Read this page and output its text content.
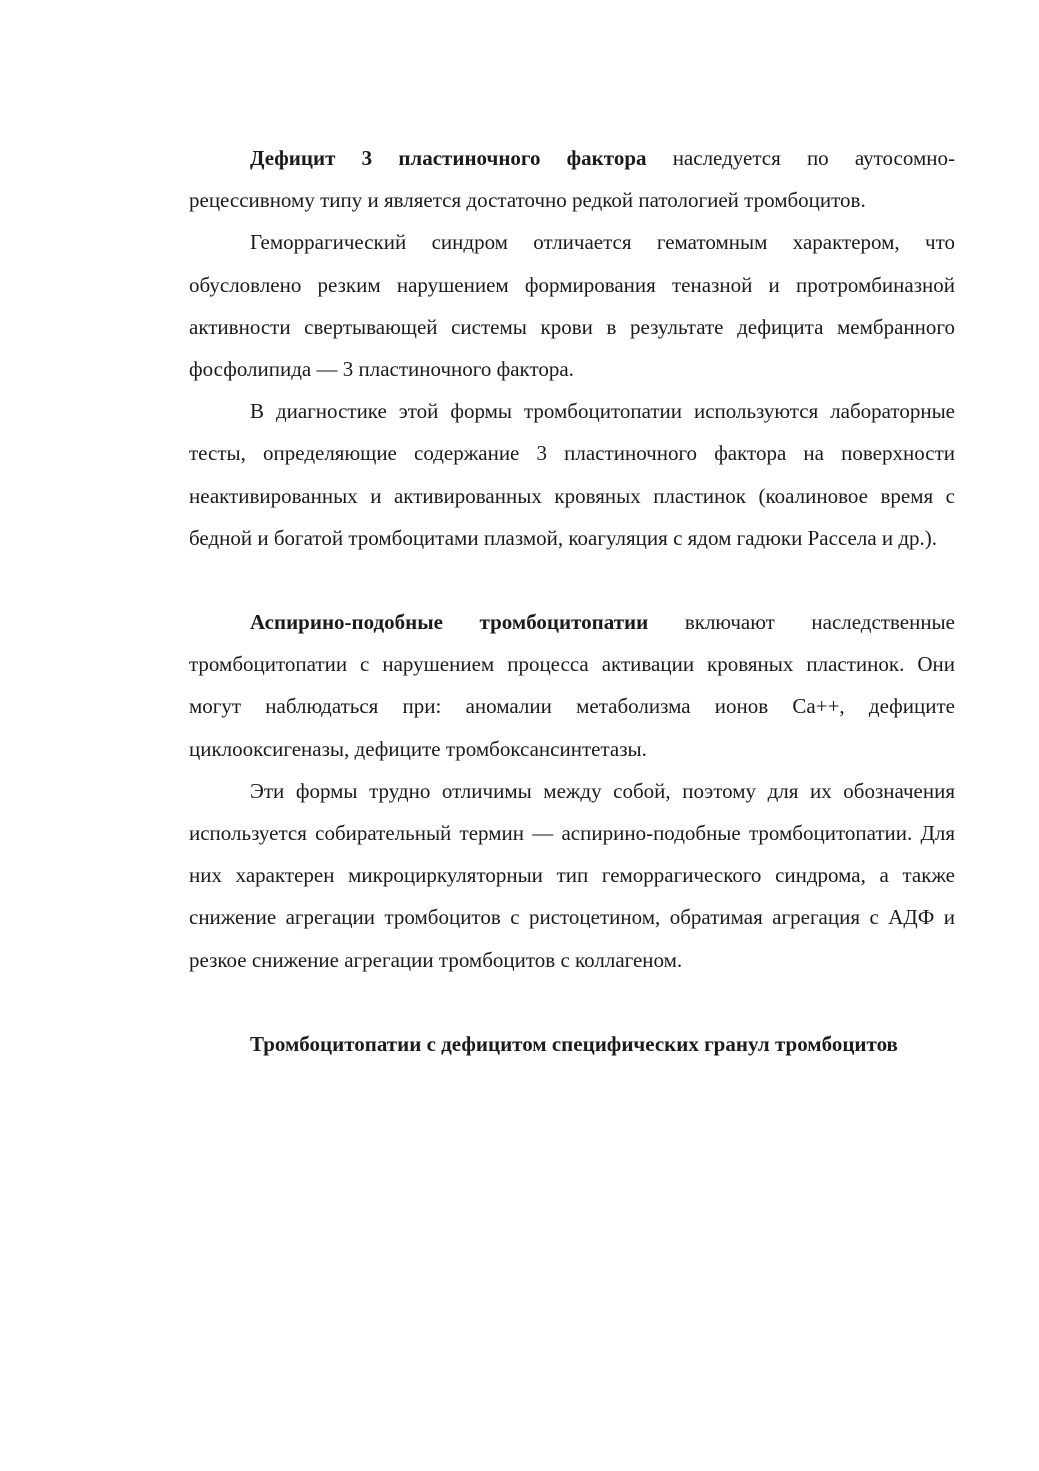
Дефицит 3 пластиночного фактора наследуется по аутосомно-рецессивному типу и является достаточно редкой патологией тромбоцитов.

Геморрагический синдром отличается гематомным характером, что обусловлено резким нарушением формирования теназной и протромбиназной активности свертывающей системы крови в результате дефицита мембранного фосфолипида — 3 пластиночного фактора.

В диагностике этой формы тромбоцитопатии используются лабораторные тесты, определяющие содержание 3 пластиночного фактора на поверхности неактивированных и активированных кровяных пластинок (коалиновое время с бедной и богатой тромбоцитами плазмой, коагуляция с ядом гадюки Рассела и др.).

Аспирино-подобные тромбоцитопатии включают наследственные тромбоцитопатии с нарушением процесса активации кровяных пластинок. Они могут наблюдаться при: аномалии метаболизма ионов Са++, дефиците циклооксигеназы, дефиците тромбоксансинтетазы.

Эти формы трудно отличимы между собой, поэтому для их обозначения используется собирательный термин — аспирино-подобные тромбоцитопатии. Для них характерен микроциркуляторныи тип геморрагического синдрома, а также снижение агрегации тромбоцитов с ристоцетином, обратимая агрегация с АДФ и резкое снижение агрегации тромбоцитов с коллагеном.

Тромбоцитопатии с дефицитом специфических гранул тромбоцитов
